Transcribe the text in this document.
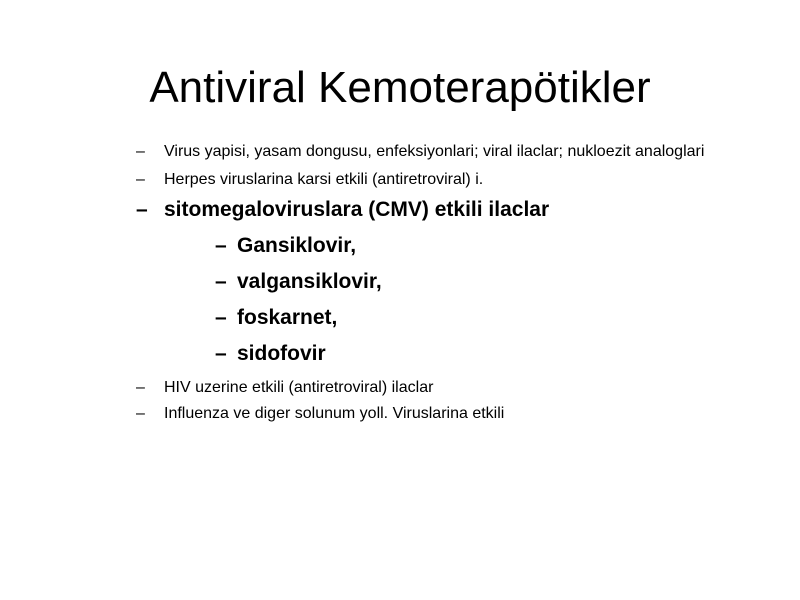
Antiviral Kemoterapötikler
– Virus yapisi, yasam dongusu, enfeksiyonlari; viral ilaclar; nukloezit analoglari
– Herpes viruslarina karsi etkili (antiretroviral) i.
– sitomegaloviruslara (CMV) etkili ilaclar
– Gansiklovir,
– valgansiklovir,
– foskarnet,
– sidofovir
– HIV uzerine etkili (antiretroviral) ilaclar
– Influenza ve diger solunum yoll. Viruslarina etkili
